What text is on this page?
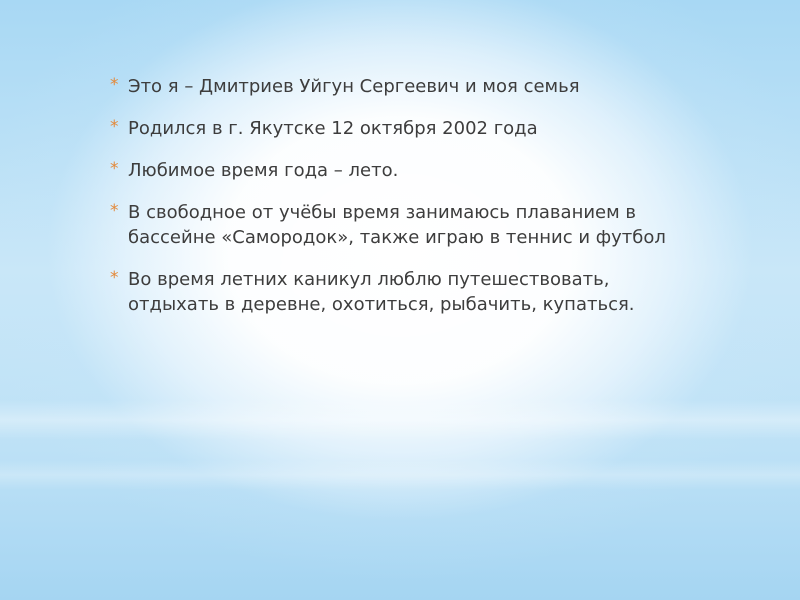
* Это я – Дмитриев Уйгун Сергеевич и моя семья
* Родился в г. Якутске 12 октября 2002 года
* Любимое время года – лето.
* В свободное от учёбы время занимаюсь плаванием в бассейне «Самородок», также играю в теннис и футбол
* Во время летних каникул люблю путешествовать, отдыхать в деревне, охотиться, рыбачить, купаться.
